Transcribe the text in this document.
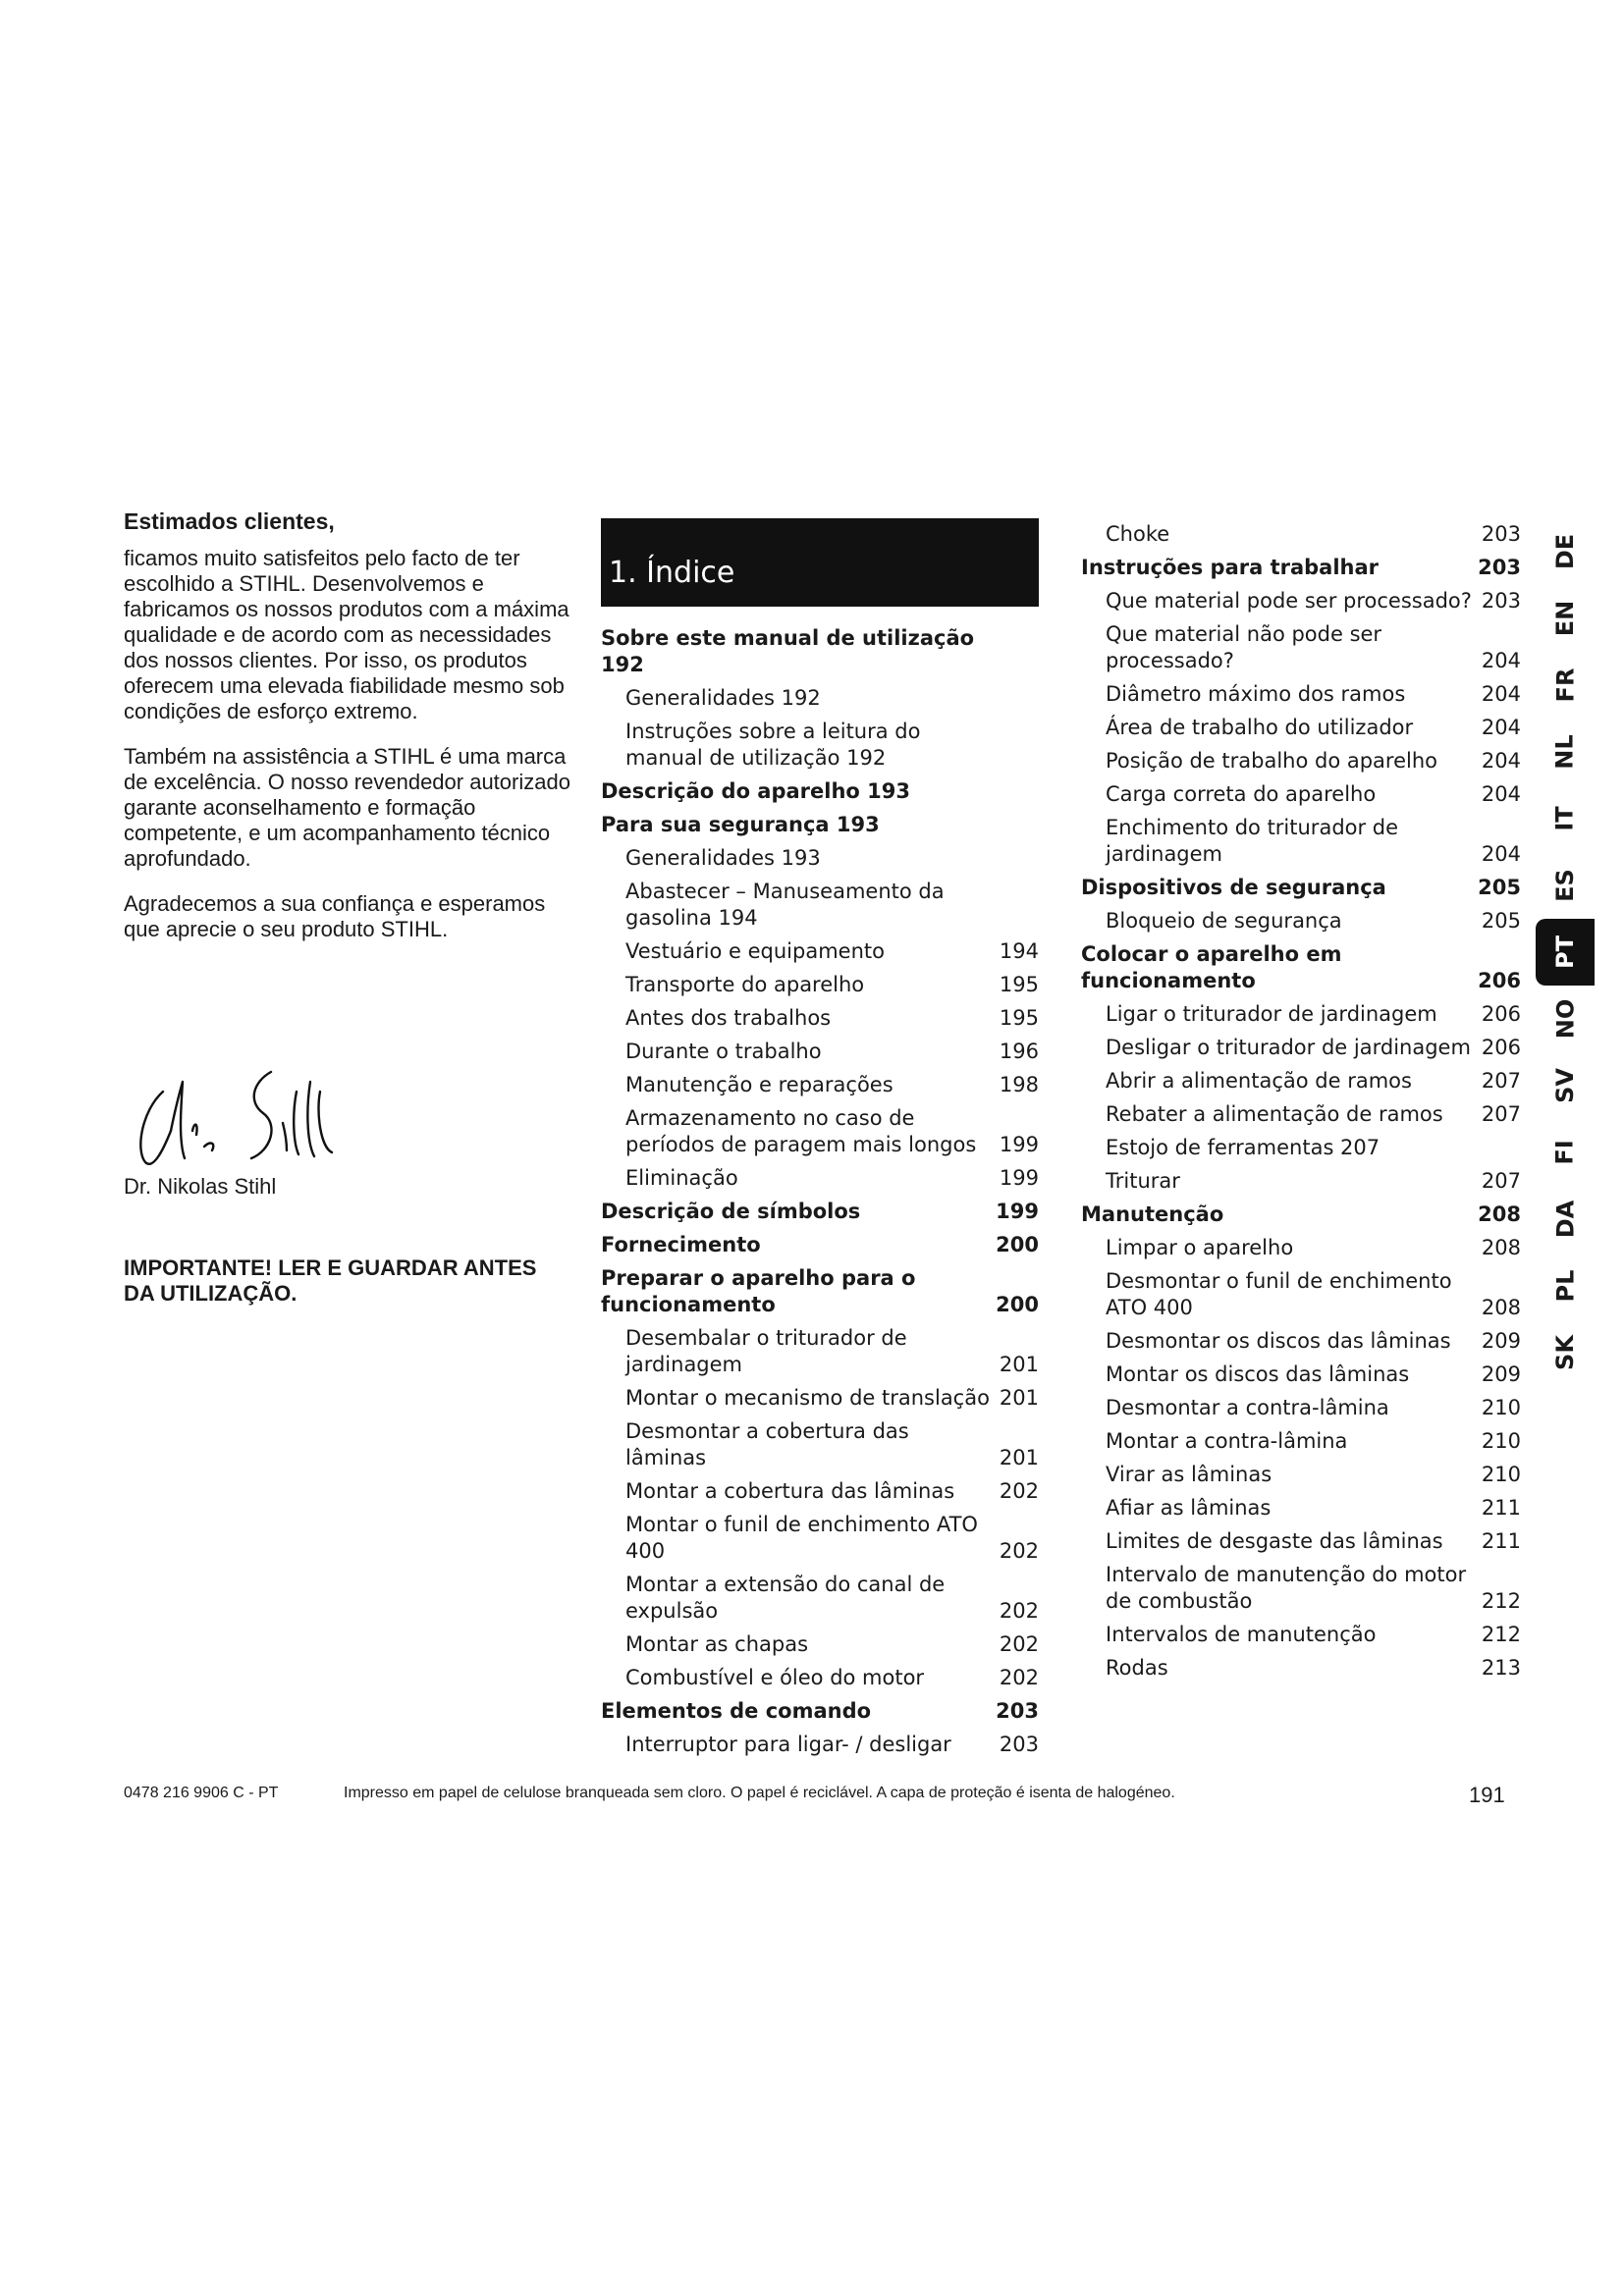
Estimados clientes,

ficamos muito satisfeitos pelo facto de ter escolhido a STIHL. Desenvolvemos e fabricamos os nossos produtos com a máxima qualidade e de acordo com as necessidades dos nossos clientes. Por isso, os produtos oferecem uma elevada fiabilidade mesmo sob condições de esforço extremo.

Também na assistência a STIHL é uma marca de excelência. O nosso revendedor autorizado garante aconselhamento e formação competente, e um acompanhamento técnico aprofundado.

Agradecemos a sua confiança e esperamos que aprecie o seu produto STIHL.

Dr. Nikolas Stihl
IMPORTANTE! LER E GUARDAR ANTES DA UTILIZAÇÃO.
1. Índice
Sobre este manual de utilização 192
Generalidades 192
Instruções sobre a leitura do manual de utilização 192
Descrição do aparelho 193
Para sua segurança 193
Generalidades 193
Abastecer – Manuseamento da gasolina 194
Vestuário e equipamento	194
Transporte do aparelho	195
Antes dos trabalhos	195
Durante o trabalho	196
Manutenção e reparações	198
Armazenamento no caso de períodos de paragem mais longos	199
Eliminação	199
Descrição de símbolos	199
Fornecimento	200
Preparar o aparelho para o funcionamento	200
Desembalar o triturador de jardinagem	201
Montar o mecanismo de translação 201
Desmontar a cobertura das lâminas	201
Montar a cobertura das lâminas	202
Montar o funil de enchimento ATO 400	202
Montar a extensão do canal de expulsão	202
Montar as chapas	202
Combustível e óleo do motor	202
Elementos de comando	203
Interruptor para ligar- / desligar	203
Choke	203
Instruções para trabalhar	203
Que material pode ser processado? 203
Que material não pode ser processado?	204
Diâmetro máximo dos ramos	204
Área de trabalho do utilizador	204
Posição de trabalho do aparelho	204
Carga correta do aparelho	204
Enchimento do triturador de jardinagem	204
Dispositivos de segurança	205
Bloqueio de segurança	205
Colocar o aparelho em funcionamento	206
Ligar o triturador de jardinagem	206
Desligar o triturador de jardinagem 206
Abrir a alimentação de ramos	207
Rebater a alimentação de ramos	207
Estojo de ferramentas 207
Triturar	207
Manutenção	208
Limpar o aparelho	208
Desmontar o funil de enchimento ATO 400	208
Desmontar os discos das lâminas	209
Montar os discos das lâminas	209
Desmontar a contra-lâmina	210
Montar a contra-lâmina	210
Virar as lâminas	210
Afiar as lâminas	211
Limites de desgaste das lâminas	211
Intervalo de manutenção do motor de combustão	212
Intervalos de manutenção	212
Rodas	213
DE
EN
FR
NL
IT
ES
PT
NO
SV
FI
DA
PL
SK
0478 216 9906 C - PT	Impresso em papel de celulose branqueada sem cloro. O papel é reciclável. A capa de proteção é isenta de halogéneo.	191
